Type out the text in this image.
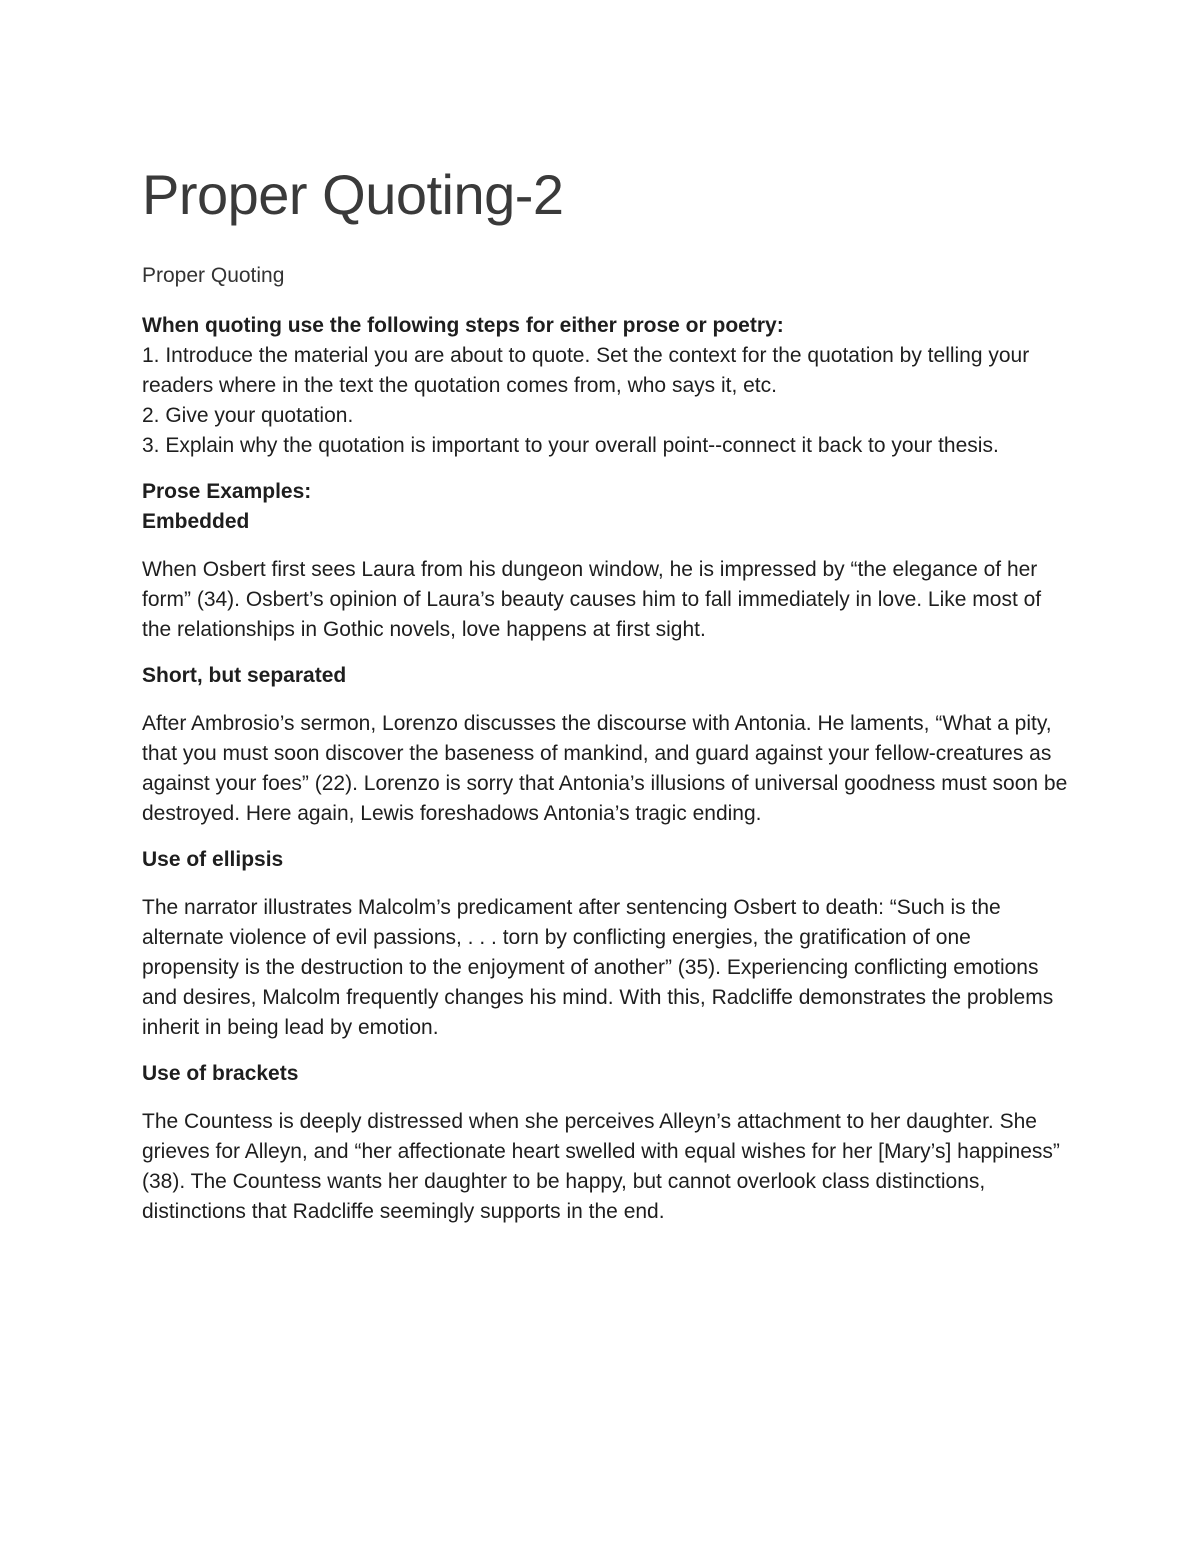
Proper Quoting-2

Proper Quoting

When quoting use the following steps for either prose or poetry:
1. Introduce the material you are about to quote. Set the context for the quotation by telling your readers where in the text the quotation comes from, who says it, etc.
2. Give your quotation.
3. Explain why the quotation is important to your overall point--connect it back to your thesis.
Prose Examples:
Embedded

When Osbert first sees Laura from his dungeon window, he is impressed by “the elegance of her form” (34). Osbert’s opinion of Laura’s beauty causes him to fall immediately in love. Like most of the relationships in Gothic novels, love happens at first sight.

Short, but separated

After Ambrosio’s sermon, Lorenzo discusses the discourse with Antonia. He laments, “What a pity, that you must soon discover the baseness of mankind, and guard against your fellow-creatures as against your foes” (22). Lorenzo is sorry that Antonia’s illusions of universal goodness must soon be destroyed. Here again, Lewis foreshadows Antonia’s tragic ending.

Use of ellipsis

The narrator illustrates Malcolm’s predicament after sentencing Osbert to death: “Such is the alternate violence of evil passions, . . . torn by conflicting energies, the gratification of one propensity is the destruction to the enjoyment of another” (35). Experiencing conflicting emotions and desires, Malcolm frequently changes his mind. With this, Radcliffe demonstrates the problems inherit in being lead by emotion.

Use of brackets

The Countess is deeply distressed when she perceives Alleyn’s attachment to her daughter. She grieves for Alleyn, and “her affectionate heart swelled with equal wishes for her [Mary’s] happiness” (38). The Countess wants her daughter to be happy, but cannot overlook class distinctions, distinctions that Radcliffe seemingly supports in the end.
